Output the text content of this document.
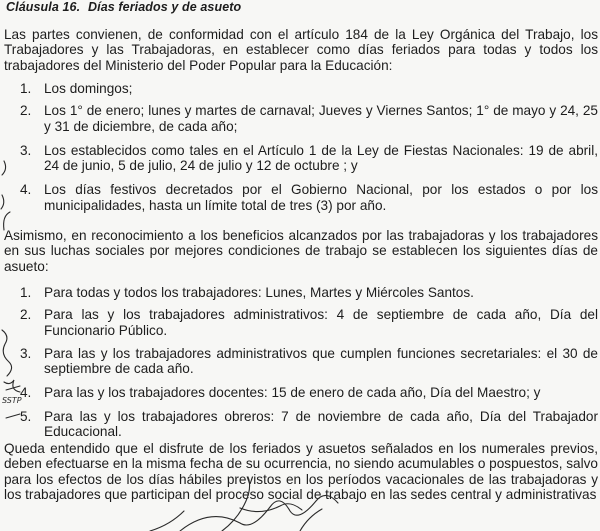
Cláusula 16. Días feriados y de asueto

Las partes convienen, de conformidad con el artículo 184 de la Ley Orgánica del Trabajo, los Trabajadores y las Trabajadoras, en establecer como días feriados para todas y todos los trabajadores del Ministerio del Poder Popular para la Educación:

1. Los domingos;
2. Los 1° de enero; lunes y martes de carnaval; Jueves y Viernes Santos; 1° de mayo y 24, 25 y 31 de diciembre, de cada año;
3. Los establecidos como tales en el Artículo 1 de la Ley de Fiestas Nacionales: 19 de abril, 24 de junio, 5 de julio, 24 de julio y 12 de octubre ; y
4. Los días festivos decretados por el Gobierno Nacional, por los estados o por los municipalidades, hasta un límite total de tres (3) por año.

Asimismo, en reconocimiento a los beneficios alcanzados por las trabajadoras y los trabajadores en sus luchas sociales por mejores condiciones de trabajo se establecen los siguientes días de asueto:

1. Para todas y todos los trabajadores: Lunes, Martes y Miércoles Santos.
2. Para las y los trabajadores administrativos: 4 de septiembre de cada año, Día del Funcionario Público.
3. Para las y los trabajadores administrativos que cumplen funciones secretariales: el 30 de septiembre de cada año.
4. Para las y los trabajadores docentes: 15 de enero de cada año, Día del Maestro; y
5. Para las y los trabajadores obreros: 7 de noviembre de cada año, Día del Trabajador Educacional.

Queda entendido que el disfrute de los feriados y asuetos señalados en los numerales previos, deben efectuarse en la misma fecha de su ocurrencia, no siendo acumulables o pospuestos, salvo para los efectos de los días hábiles previstos en los períodos vacacionales de las trabajadoras y los trabajadores que participan del proceso social de trabajo en las sedes central y administrativas

SSTP
